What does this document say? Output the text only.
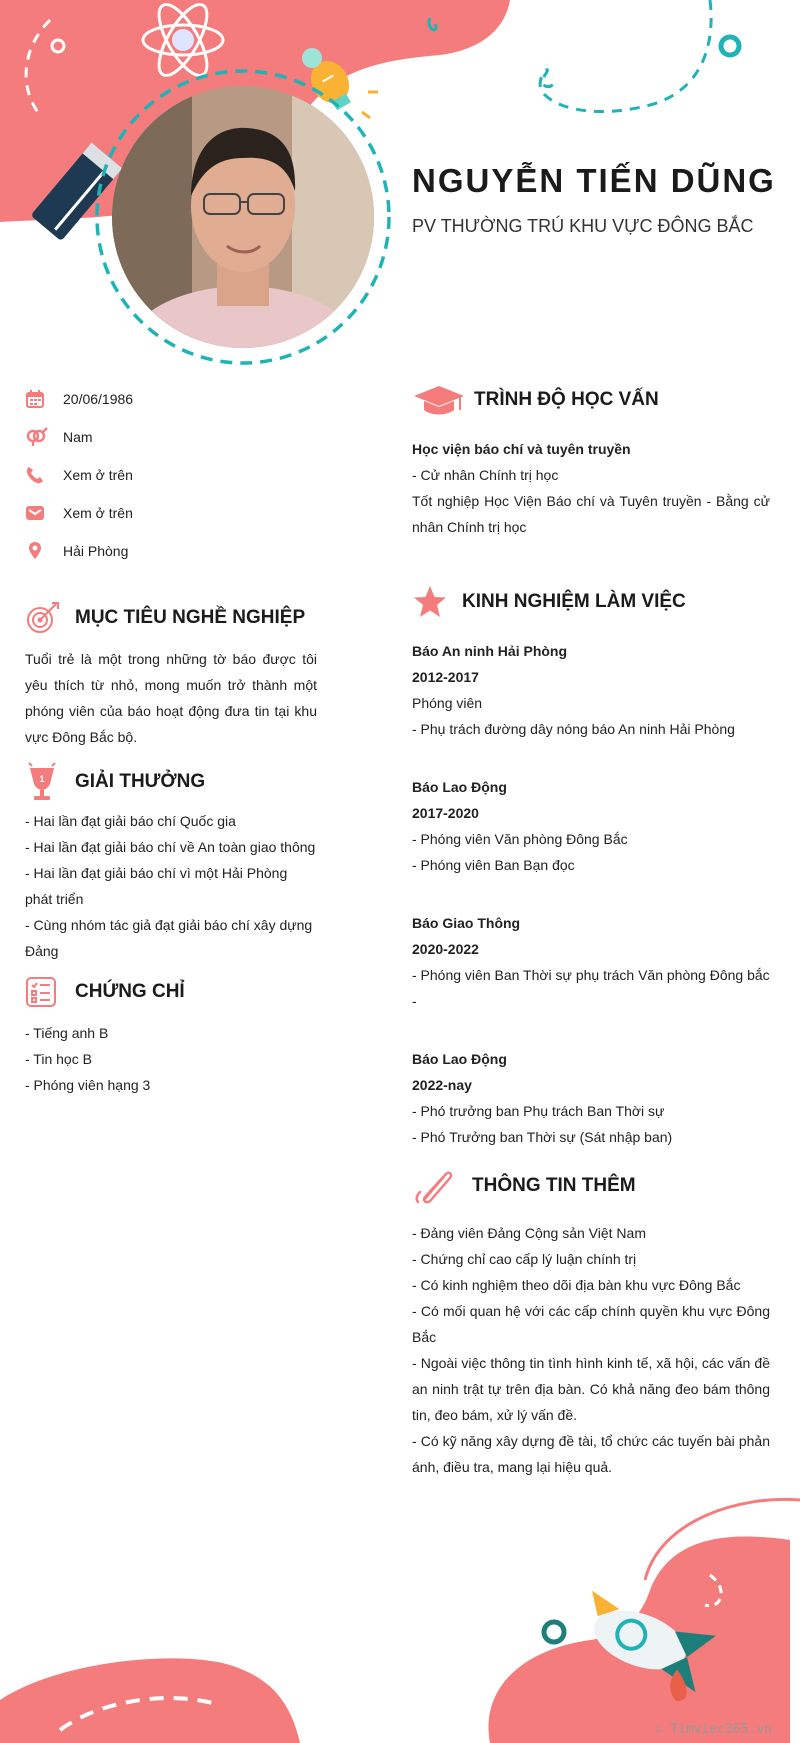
NGUYỄN TIẾN DŨNG
PV THƯỜNG TRÚ KHU VỰC ĐÔNG BẮC
20/06/1986
Nam
Xem ở trên
Xem ở trên
Hải Phòng
MỤC TIÊU NGHỀ NGHIỆP
Tuổi trẻ là một trong những tờ báo được tôi yêu thích từ nhỏ, mong muốn trở thành một phóng viên của báo hoạt động đưa tin tại khu vực Đông Bắc bộ.
1 GIẢI THƯỞNG
- Hai lần đạt giải báo chí Quốc gia
- Hai lần đạt giải báo chí về An toàn giao thông
- Hai lần đạt giải báo chí vì một Hải Phòng phát triển
- Cùng nhóm tác giả đạt giải báo chí xây dựng Đảng
CHỨNG CHỈ
- Tiếng anh B
- Tin học B
- Phóng viên hạng 3
TRÌNH ĐỘ HỌC VẤN
Học viện báo chí và tuyên truyền
- Cử nhân Chính trị học
Tốt nghiệp Học Viện Báo chí và Tuyên truyền - Bằng cử nhân Chính trị học
KINH NGHIỆM LÀM VIỆC
Báo An ninh Hải Phòng
2012-2017
Phóng viên
- Phụ trách đường dây nóng báo An ninh Hải Phòng
Báo Lao Động
2017-2020
- Phóng viên Văn phòng Đông Bắc
- Phóng viên Ban Bạn đọc
Báo Giao Thông
2020-2022
- Phóng viên Ban Thời sự phụ trách Văn phòng Đông bắc
-
Báo Lao Động
2022-nay
- Phó trưởng ban Phụ trách Ban Thời sự
- Phó Trưởng ban Thời sự (Sát nhập ban)
THÔNG TIN THÊM
- Đảng viên Đảng Cộng sản Việt Nam
- Chứng chỉ cao cấp lý luận chính trị
- Có kinh nghiệm theo dõi địa bàn khu vực Đông Bắc
- Có mối quan hệ với các cấp chính quyền khu vực Đông Bắc
- Ngoài việc thông tin tình hình kinh tế, xã hội, các vấn đề an ninh trật tự trên địa bàn. Có khả năng đeo bám thông tin, đeo bám, xử lý vấn đề.
- Có kỹ năng xây dựng đề tài, tổ chức các tuyến bài phản ánh, điều tra, mang lại hiệu quả.
∴ Timviec365.vn
